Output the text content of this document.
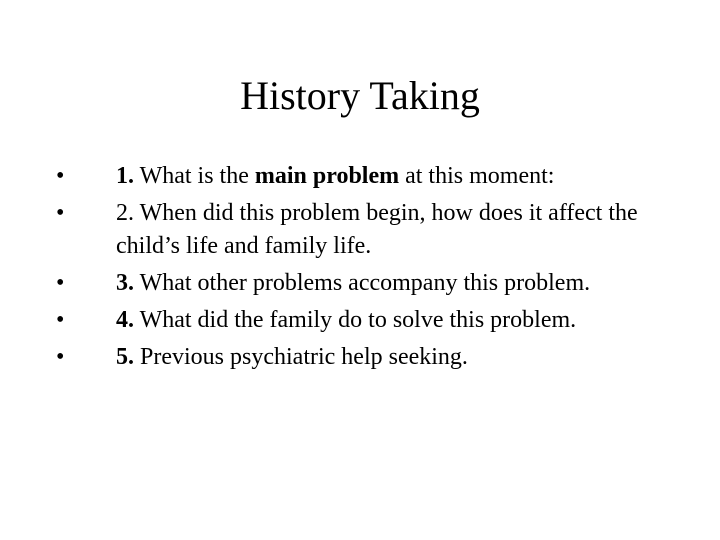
History Taking
•	1. What is the main problem at this moment:
•	2. When did this problem begin, how does it affect the child’s life and family life.
•	3. What other problems accompany this problem.
•	4. What did the family do to solve this problem.
•	5. Previous psychiatric help seeking.
